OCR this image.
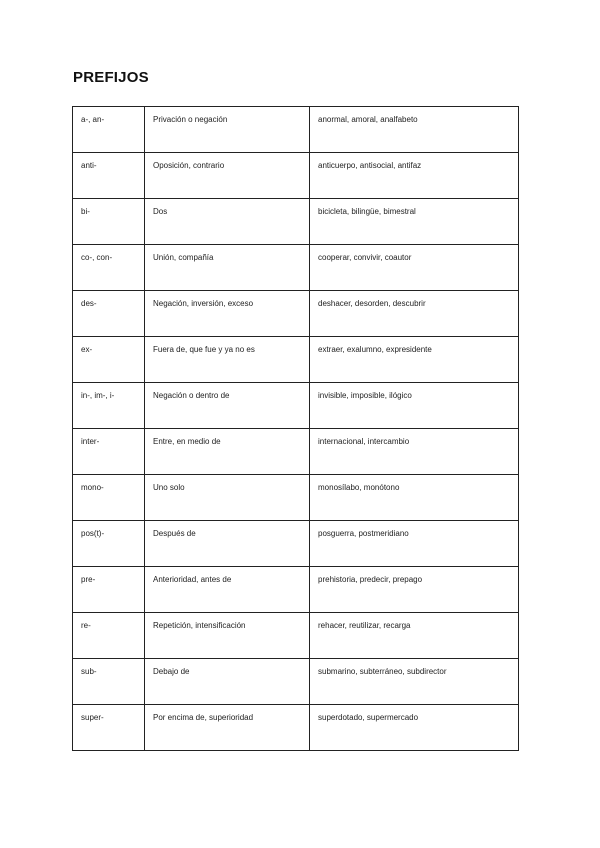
PREFIJOS
a-, an-	Privación o negación	anormal, amoral, analfabeto
anti-	Oposición, contrario	anticuerpo, antisocial, antifaz
bi-	Dos	bicicleta, bilingüe, bimestral
co-, con-	Unión, compañía	cooperar, convivir, coautor
des-	Negación, inversión, exceso	deshacer, desorden, descubrir
ex-	Fuera de, que fue y ya no es	extraer, exalumno, expresidente
in-, im-, i-	Negación o dentro de	invisible, imposible, ilógico
inter-	Entre, en medio de	internacional, intercambio
mono-	Uno solo	monosílabo, monótono
pos(t)-	Después de	posguerra, postmeridiano
pre-	Anterioridad, antes de	prehistoria, predecir, prepago
re-	Repetición, intensificación	rehacer, reutilizar, recarga
sub-	Debajo de	submarino, subterráneo, subdirector
super-	Por encima de, superioridad	superdotado, supermercado
